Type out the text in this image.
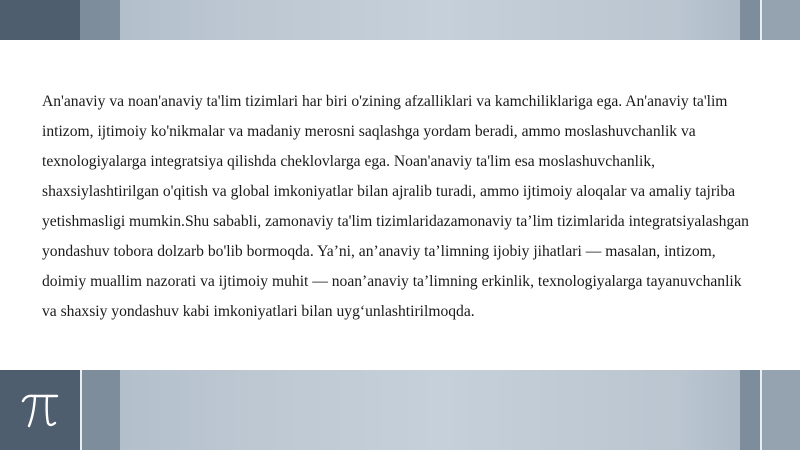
An'anaviy va noan'anaviy ta'lim tizimlari har biri o'zining afzalliklari va kamchiliklariga ega. An'anaviy ta'lim intizom, ijtimoiy ko'nikmalar va madaniy merosni saqlashga yordam beradi, ammo moslashuvchanlik va texnologiyalarga integratsiya qilishda cheklovlarga ega. Noan'anaviy ta'lim esa moslashuvchanlik, shaxsiylashtirilgan o'qitish va global imkoniyatlar bilan ajralib turadi, ammo ijtimoiy aloqalar va amaliy tajriba yetishmasligi mumkin.Shu sababli, zamonaviy ta'lim tizimlaridazamonaviy ta’lim tizimlarida integratsiyalashgan yondashuv tobora dolzarb bo'lib bormoqda. Ya’ni, an’anaviy ta’limning ijobiy jihatlari — masalan, intizom, doimiy muallim nazorati va ijtimoiy muhit — noan’anaviy ta’limning erkinlik, texnologiyalarga tayanuvchanlik va shaxsiy yondashuv kabi imkoniyatlari bilan uyg‘unlashtirilmoqda.
